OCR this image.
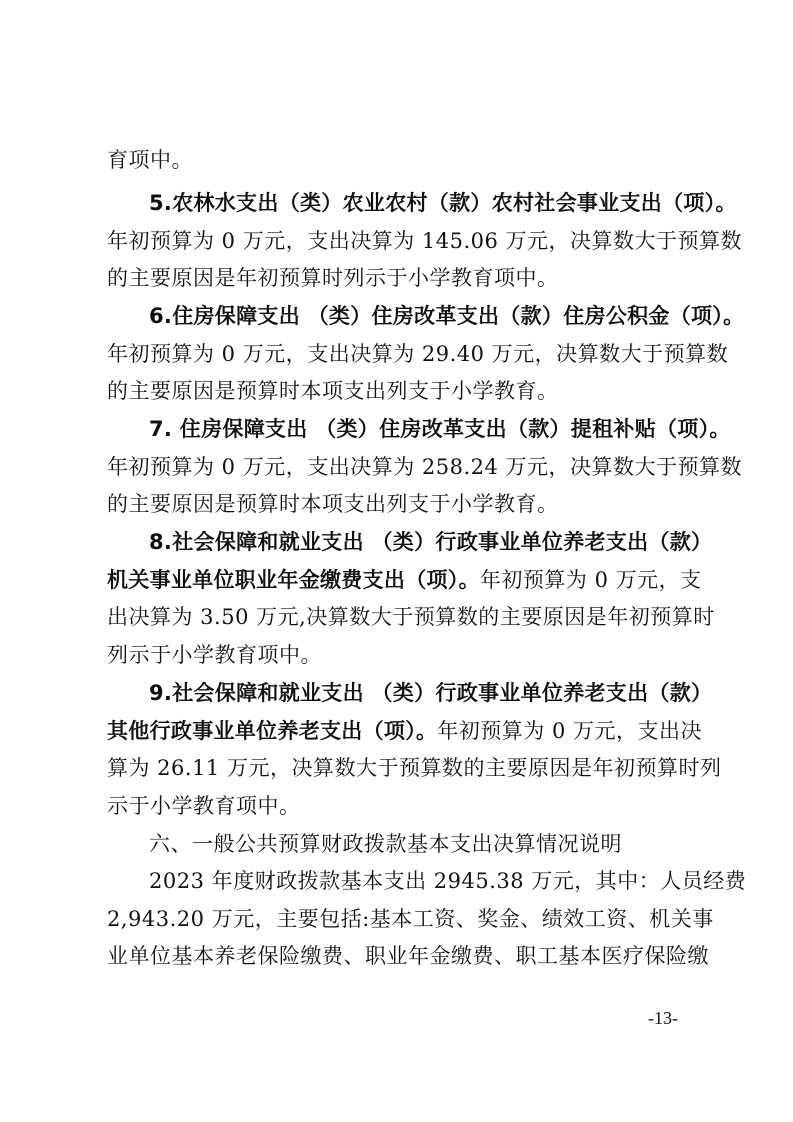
育项中。
5.农林水支出（类）农业农村（款）农村社会事业支出（项）。
年初预算为 0 万元，支出决算为 145.06 万元，决算数大于预算数
的主要原因是年初预算时列示于小学教育项中。
6.住房保障支出 （类）住房改革支出（款）住房公积金（项）。
年初预算为 0 万元，支出决算为 29.40 万元，决算数大于预算数
的主要原因是预算时本项支出列支于小学教育。
7. 住房保障支出 （类）住房改革支出（款）提租补贴（项）。
年初预算为 0 万元，支出决算为 258.24 万元，决算数大于预算数
的主要原因是预算时本项支出列支于小学教育。
8.社会保障和就业支出 （类）行政事业单位养老支出（款）
机关事业单位职业年金缴费支出（项）。年初预算为 0 万元，支
出决算为 3.50 万元,决算数大于预算数的主要原因是年初预算时
列示于小学教育项中。
9.社会保障和就业支出 （类）行政事业单位养老支出（款）
其他行政事业单位养老支出（项）。年初预算为 0 万元，支出决
算为 26.11 万元，决算数大于预算数的主要原因是年初预算时列
示于小学教育项中。
六、一般公共预算财政拨款基本支出决算情况说明
2023 年度财政拨款基本支出 2945.38 万元，其中：人员经费
2,943.20 万元，主要包括:基本工资、奖金、绩效工资、机关事
业单位基本养老保险缴费、职业年金缴费、职工基本医疗保险缴
-13-
